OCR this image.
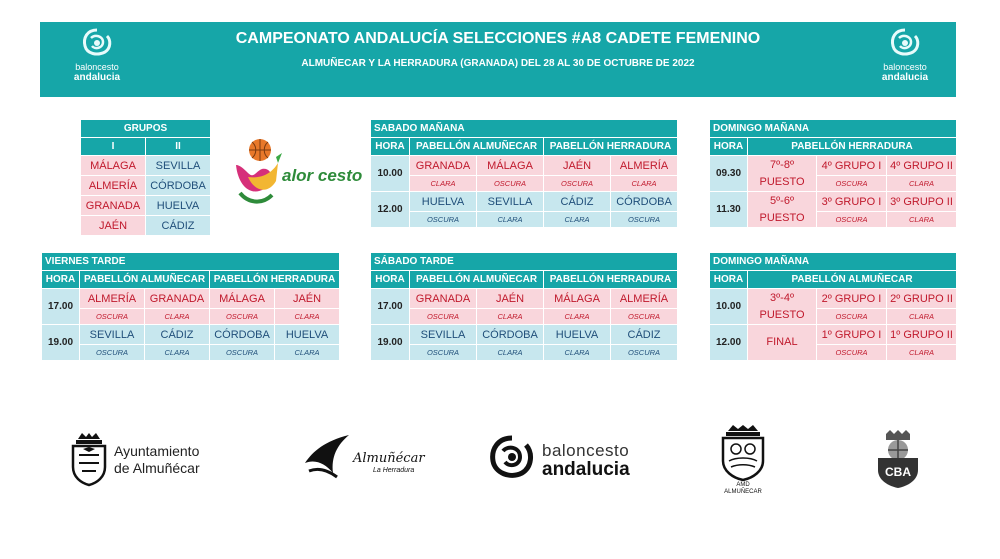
baloncesto
andalucia
CAMPEONATO ANDALUCÍA SELECCIONES #A8 CADETE FEMENINO
ALMUÑECAR Y LA HERRADURA (GRANADA) DEL 28 AL 30 DE OCTUBRE DE 2022	baloncesto
andalucia
GRUPOS	
I	II
MÁLAGA	SEVILLA
ALMERÍA	CÓRDOBA
GRANADA	HUELVA
JAÉN	CÁDIZ
alor cesto
SABADO MAÑANA				
HORA	PABELLÓN ALMUÑECAR		PABELLÓN HERRADURA	
10.00	GRANADA	MÁLAGA	JAÉN	ALMERÍA
	CLARA	OSCURA	OSCURA	CLARA
12.00	HUELVA	SEVILLA	CÁDIZ	CÓRDOBA
	OSCURA	CLARA	CLARA	OSCURA
DOMINGO MAÑANA			
HORA	PABELLÓN HERRADURA		
09.30	7º-8º PUESTO	4º GRUPO I	4º GRUPO II
		OSCURA	CLARA
11.30	5º-6º PUESTO	3º GRUPO I	3º GRUPO II
		OSCURA	CLARA
VIERNES TARDE				
HORA	PABELLÓN ALMUÑECAR		PABELLÓN HERRADURA	
17.00	ALMERÍA	GRANADA	MÁLAGA	JAÉN
	OSCURA	CLARA	OSCURA	CLARA
19.00	SEVILLA	CÁDIZ	CÓRDOBA	HUELVA
	OSCURA	CLARA	OSCURA	CLARA
SÁBADO TARDE				
HORA	PABELLÓN ALMUÑECAR		PABELLÓN HERRADURA	
17.00	GRANADA	JAÉN	MÁLAGA	ALMERÍA
	OSCURA	CLARA	CLARA	OSCURA
19.00	SEVILLA	CÓRDOBA	HUELVA	CÁDIZ
	OSCURA	CLARA	CLARA	OSCURA
DOMINGO MAÑANA			
HORA	PABELLÓN ALMUÑECAR		
10.00	3º-4º PUESTO	2º GRUPO I	2º GRUPO II
		OSCURA	CLARA
12.00	FINAL	1º GRUPO I	1º GRUPO II
		OSCURA	CLARA
Ayuntamiento
de Almuñécar
Almuñécar
La Herradura
baloncesto
andalucia
AMD
ALMUÑECAR
CBA
